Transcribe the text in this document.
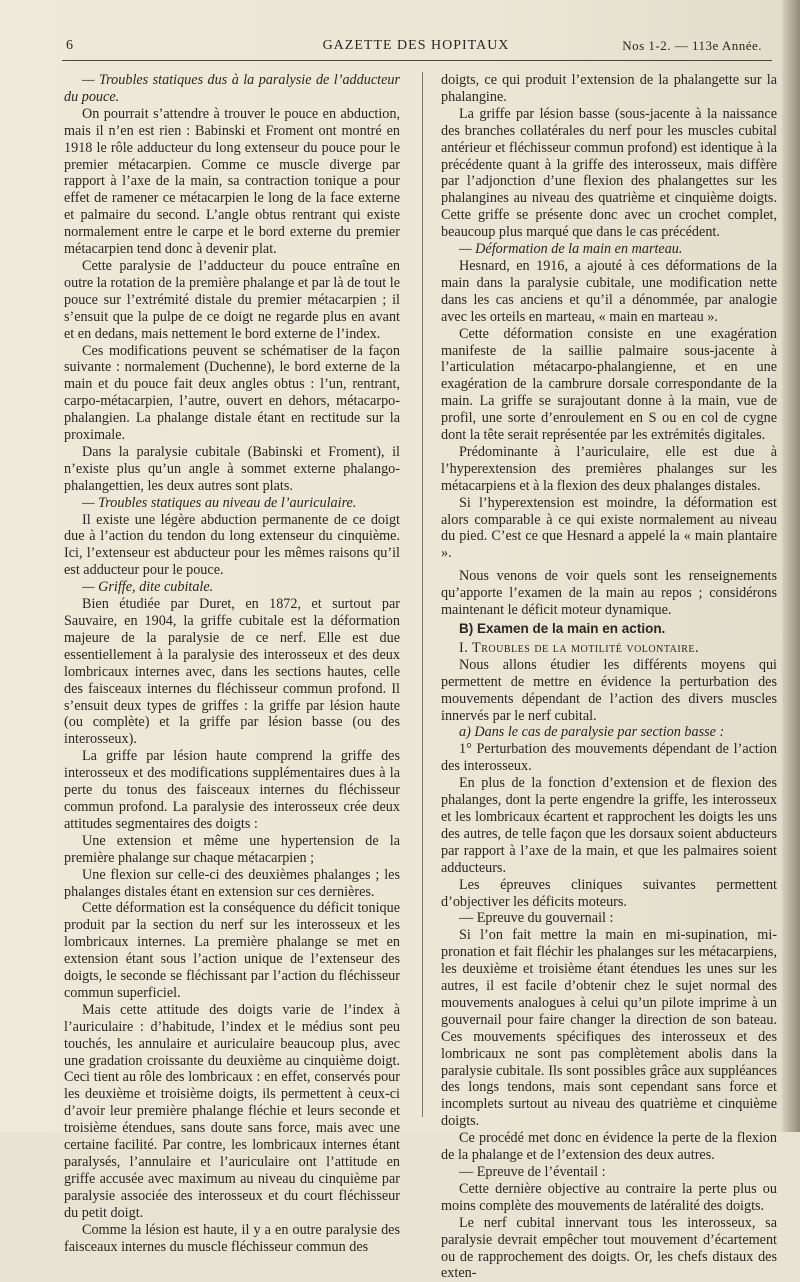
6	GAZETTE DES HOPITAUX	Nos 1-2. — 113e Année.

— Troubles statiques dus à la paralysie de l’adducteur du pouce.

On pourrait s’attendre à trouver le pouce en abduction, mais il n’en est rien : Babinski et Froment ont montré en 1918 le rôle adducteur du long extenseur du pouce pour le premier métacarpien. Comme ce muscle diverge par rapport à l’axe de la main, sa contraction tonique a pour effet de ramener ce métacarpien le long de la face externe et palmaire du second. L’angle obtus rentrant qui existe normalement entre le carpe et le bord externe du premier métacarpien tend donc à devenir plat.

Cette paralysie de l’adducteur du pouce entraîne en outre la rotation de la première phalange et par là de tout le pouce sur l’extrémité distale du premier métacarpien ; il s’ensuit que la pulpe de ce doigt ne regarde plus en avant et en dedans, mais nettement le bord externe de l’index.

Ces modifications peuvent se schématiser de la façon suivante : normalement (Duchenne), le bord externe de la main et du pouce fait deux angles obtus : l’un, rentrant, carpo-métacarpien, l’autre, ouvert en dehors, métacarpo-phalangien. La phalange distale étant en rectitude sur la proximale.

Dans la paralysie cubitale (Babinski et Froment), il n’existe plus qu’un angle à sommet externe phalango-phalangettien, les deux autres sont plats.

— Troubles statiques au niveau de l’auriculaire.

Il existe une légère abduction permanente de ce doigt due à l’action du tendon du long extenseur du cinquième. Ici, l’extenseur est abducteur pour les mêmes raisons qu’il est adducteur pour le pouce.

— Griffe, dite cubitale.

Bien étudiée par Duret, en 1872, et surtout par Sauvaire, en 1904, la griffe cubitale est la déformation majeure de la paralysie de ce nerf. Elle est due essentiellement à la paralysie des interosseux et des deux lombricaux internes avec, dans les sections hautes, celle des faisceaux internes du fléchisseur commun profond. Il s’ensuit deux types de griffes : la griffe par lésion haute (ou complète) et la griffe par lésion basse (ou des interosseux).

La griffe par lésion haute comprend la griffe des interosseux et des modifications supplémentaires dues à la perte du tonus des faisceaux internes du fléchisseur commun profond. La paralysie des interosseux crée deux attitudes segmentaires des doigts :

Une extension et même une hypertension de la première phalange sur chaque métacarpien ;

Une flexion sur celle-ci des deuxièmes phalanges ; les phalanges distales étant en extension sur ces dernières.

Cette déformation est la conséquence du déficit tonique produit par la section du nerf sur les interosseux et les lombricaux internes. La première phalange se met en extension étant sous l’action unique de l’extenseur des doigts, le seconde se fléchissant par l’action du fléchisseur commun superficiel.

Mais cette attitude des doigts varie de l’index à l’auriculaire : d’habitude, l’index et le médius sont peu touchés, les annulaire et auriculaire beaucoup plus, avec une gradation croissante du deuxième au cinquième doigt. Ceci tient au rôle des lombricaux : en effet, conservés pour les deuxième et troisième doigts, ils permettent à ceux-ci d’avoir leur première phalange fléchie et leurs seconde et troisième étendues, sans doute sans force, mais avec une certaine facilité. Par contre, les lombricaux internes étant paralysés, l’annulaire et l’auriculaire ont l’attitude en griffe accusée avec maximum au niveau du cinquième par paralysie associée des interosseux et du court fléchisseur du petit doigt.

Comme la lésion est haute, il y a en outre paralysie des faisceaux internes du muscle fléchisseur commun des

doigts, ce qui produit l’extension de la phalangette sur la phalangine.

La griffe par lésion basse (sous-jacente à la naissance des branches collatérales du nerf pour les muscles cubital antérieur et fléchisseur commun profond) est identique à la précédente quant à la griffe des interosseux, mais diffère par l’adjonction d’une flexion des phalangettes sur les phalangines au niveau des quatrième et cinquième doigts. Cette griffe se présente donc avec un crochet complet, beaucoup plus marqué que dans le cas précédent.

— Déformation de la main en marteau.

Hesnard, en 1916, a ajouté à ces déformations de la main dans la paralysie cubitale, une modification nette dans les cas anciens et qu’il a dénommée, par analogie avec les orteils en marteau, « main en marteau ».

Cette déformation consiste en une exagération manifeste de la saillie palmaire sous-jacente à l’articulation métacarpo-phalangienne, et en une exagération de la cambrure dorsale correspondante de la main. La griffe se surajoutant donne à la main, vue de profil, une sorte d’enroulement en S ou en col de cygne dont la tête serait représentée par les extrémités digitales.

Prédominante à l’auriculaire, elle est due à l’hyperextension des premières phalanges sur les métacarpiens et à la flexion des deux phalanges distales.

Si l’hyperextension est moindre, la déformation est alors comparable à ce qui existe normalement au niveau du pied. C’est ce que Hesnard a appelé la « main plantaire ».

Nous venons de voir quels sont les renseignements qu’apporte l’examen de la main au repos ; considérons maintenant le déficit moteur dynamique.

B) Examen de la main en action.

I. Troubles de la motilité volontaire.

Nous allons étudier les différents moyens qui permettent de mettre en évidence la perturbation des mouvements dépendant de l’action des divers muscles innervés par le nerf cubital.

a) Dans le cas de paralysie par section basse :

1° Perturbation des mouvements dépendant de l’action des interosseux.

En plus de la fonction d’extension et de flexion des phalanges, dont la perte engendre la griffe, les interosseux et les lombricaux écartent et rapprochent les doigts les uns des autres, de telle façon que les dorsaux soient abducteurs par rapport à l’axe de la main, et que les palmaires soient adducteurs.

Les épreuves cliniques suivantes permettent d’objectiver les déficits moteurs.

— Epreuve du gouvernail :

Si l’on fait mettre la main en mi-supination, mi-pronation et fait fléchir les phalanges sur les métacarpiens, les deuxième et troisième étant étendues les unes sur les autres, il est facile d’obtenir chez le sujet normal des mouvements analogues à celui qu’un pilote imprime à un gouvernail pour faire changer la direction de son bateau. Ces mouvements spécifiques des interosseux et des lombricaux ne sont pas complètement abolis dans la paralysie cubitale. Ils sont possibles grâce aux suppléances des longs tendons, mais sont cependant sans force et incomplets surtout au niveau des quatrième et cinquième doigts.

Ce procédé met donc en évidence la perte de la flexion de la phalange et de l’extension des deux autres.

— Epreuve de l’éventail :

Cette dernière objective au contraire la perte plus ou moins complète des mouvements de latéralité des doigts.

Le nerf cubital innervant tous les interosseux, sa paralysie devrait empêcher tout mouvement d’écartement ou de rapprochement des doigts. Or, les chefs distaux des exten-
